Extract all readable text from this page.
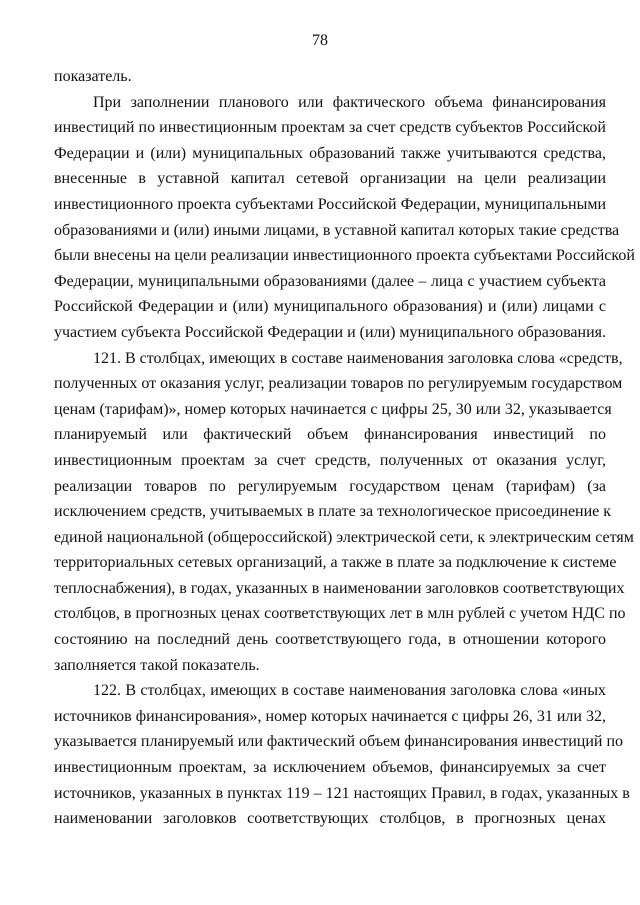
78
показатель.
При заполнении планового или фактического объема финансирования
инвестиций по инвестиционным проектам за счет средств субъектов Российской
Федерации и (или) муниципальных образований также учитываются средства,
внесенные в уставной капитал сетевой организации на цели реализации
инвестиционного проекта субъектами Российской Федерации, муниципальными
образованиями и (или) иными лицами, в уставной капитал которых такие средства
были внесены на цели реализации инвестиционного проекта субъектами Российской
Федерации, муниципальными образованиями (далее – лица с участием субъекта
Российской Федерации и (или) муниципального образования) и (или) лицами с
участием субъекта Российской Федерации и (или) муниципального образования.
121. В столбцах, имеющих в составе наименования заголовка слова «средств,
полученных от оказания услуг, реализации товаров по регулируемым государством
ценам (тарифам)», номер которых начинается с цифры 25, 30 или 32, указывается
планируемый или фактический объем финансирования инвестиций по
инвестиционным проектам за счет средств, полученных от оказания услуг,
реализации товаров по регулируемым государством ценам (тарифам) (за
исключением средств, учитываемых в плате за технологическое присоединение к
единой национальной (общероссийской) электрической сети, к электрическим сетям
территориальных сетевых организаций, а также в плате за подключение к системе
теплоснабжения), в годах, указанных в наименовании заголовков соответствующих
столбцов, в прогнозных ценах соответствующих лет в млн рублей с учетом НДС по
состоянию на последний день соответствующего года, в отношении которого
заполняется такой показатель.
122. В столбцах, имеющих в составе наименования заголовка слова «иных
источников финансирования», номер которых начинается с цифры 26, 31 или 32,
указывается планируемый или фактический объем финансирования инвестиций по
инвестиционным проектам, за исключением объемов, финансируемых за счет
источников, указанных в пунктах 119 – 121 настоящих Правил, в годах, указанных в
наименовании заголовков соответствующих столбцов, в прогнозных ценах
